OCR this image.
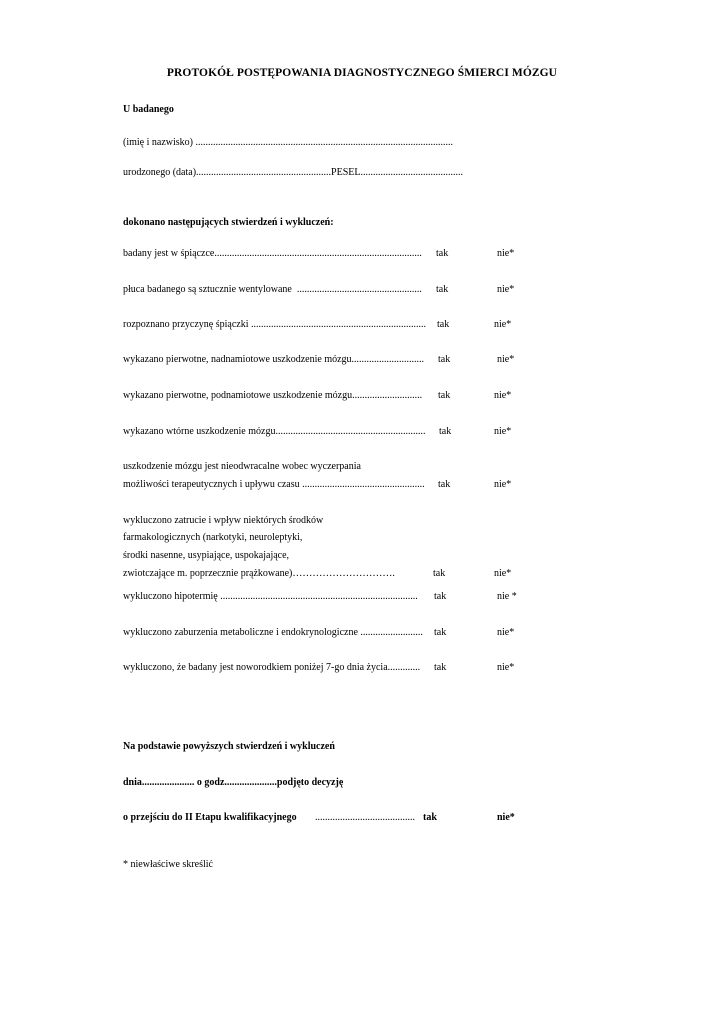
PROTOKÓŁ POSTĘPOWANIA DIAGNOSTYCZNEGO ŚMIERCI MÓZGU
U badanego
(imię i nazwisko) .......................................................................................................
urodzonego (data)......................................................PESEL.........................................
dokonano następujących stwierdzeń i wykluczeń:
badany jest w śpiączce................................................................................... tak	nie*
płuca badanego są sztucznie wentylowane  .................................................. tak	nie*
rozpoznano przyczynę śpiączki ...................................................................... tak	nie*
wykazano pierwotne, nadnamiotowe uszkodzenie mózgu............................. tak	nie*
wykazano pierwotne, podnamiotowe uszkodzenie mózgu............................ tak	nie*
wykazano wtórne uszkodzenie mózgu............................................................ tak	nie*
uszkodzenie mózgu jest nieodwracalne wobec wyczerpania
możliwości terapeutycznych i upływu czasu ................................................. tak	nie*
wykluczono zatrucie i wpływ niektórych środków
farmakologicznych (narkotyki, neuroleptyki,
środki nasenne, usypiające, uspokajające,
zwiotczające m. poprzecznie prążkowane)………………………….	tak	nie*
wykluczono hipotermię ............................................................................... tak	nie *
wykluczono zaburzenia metaboliczne i endokrynologiczne ......................... tak	nie*
wykluczono, że badany jest noworodkiem poniżej 7-go dnia życia............. tak	nie*
Na podstawie powyższych stwierdzeń i wykluczeń
dnia..................... o godz.....................podjęto decyzję
o przejściu do II Etapu kwalifikacyjnego ........................................ tak	nie*
* niewłaściwe skreślić
